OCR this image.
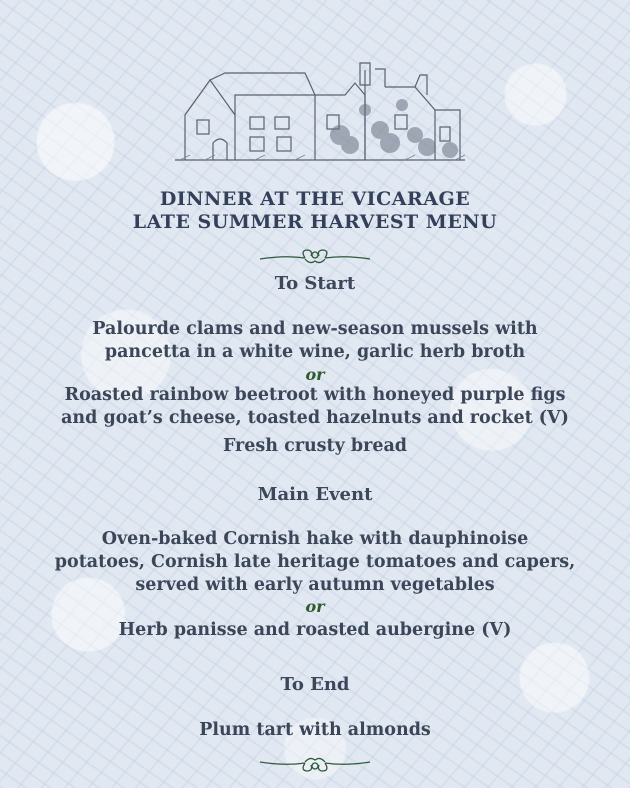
DINNER AT THE VICARAGE
LATE SUMMER HARVEST MENU
To Start
Palourde clams and new-season mussels with
pancetta in a white wine, garlic herb broth
or
Roasted rainbow beetroot with honeyed purple figs
and goat’s cheese, toasted hazelnuts and rocket (V)
Fresh crusty bread
Main Event
Oven-baked Cornish hake with dauphinoise
potatoes, Cornish late heritage tomatoes and capers,
served with early autumn vegetables
or
Herb panisse and roasted aubergine (V)
To End
Plum tart with almonds
